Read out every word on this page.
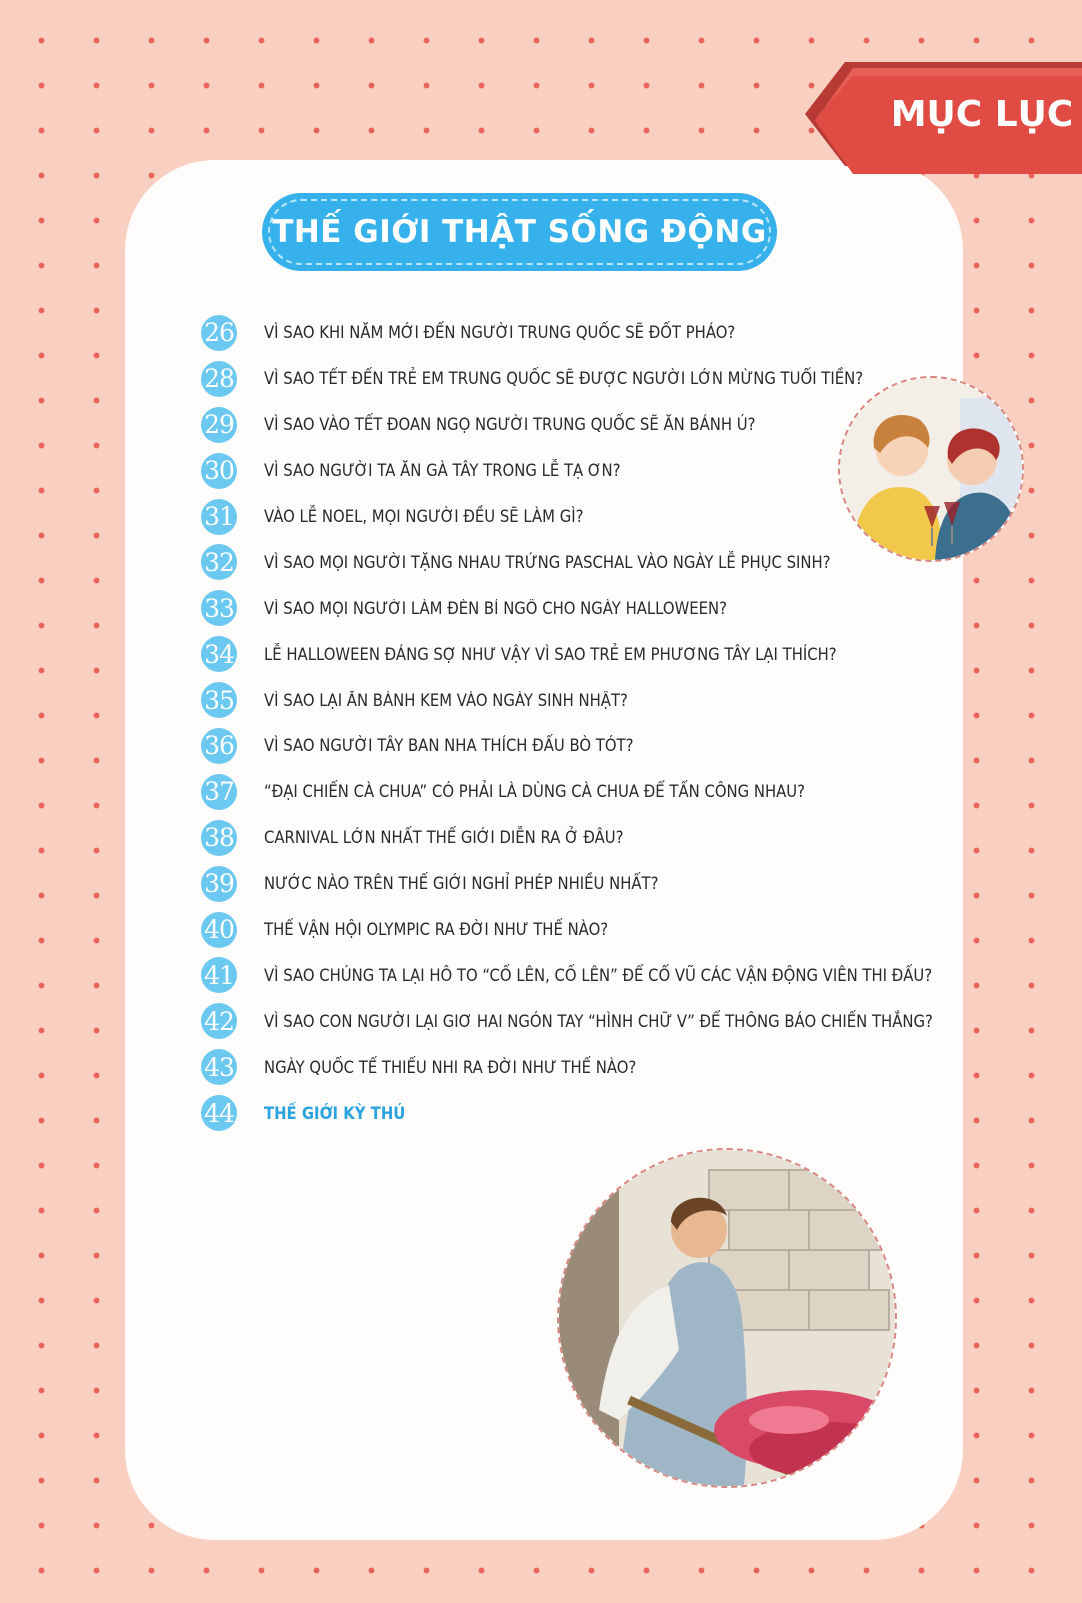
MỤC LỤC
THẾ GIỚI THẬT SỐNG ĐỘNG
26 VÌ SAO KHI NĂM MỚI ĐẾN NGƯỜI TRUNG QUỐC SẼ ĐỐT PHÁO?
28 VÌ SAO TẾT ĐẾN TRẺ EM TRUNG QUỐC SẼ ĐƯỢC NGƯỜI LỚN MỪNG TUỔI TIỀN?
29 VÌ SAO VÀO TẾT ĐOAN NGỌ NGƯỜI TRUNG QUỐC SẼ ĂN BÁNH Ú?
30 VÌ SAO NGƯỜI TA ĂN GÀ TÂY TRONG LỄ TẠ ƠN?
31 VÀO LỄ NOEL, MỌI NGƯỜI ĐỀU SẼ LÀM GÌ?
32 VÌ SAO MỌI NGƯỜI TẶNG NHAU TRỨNG PASCHAL VÀO NGÀY LỄ PHỤC SINH?
33 VÌ SAO MỌI NGƯỜI LÀM ĐÈN BÍ NGÔ CHO NGÀY HALLOWEEN?
34 LỄ HALLOWEEN ĐÁNG SỢ NHƯ VẬY VÌ SAO TRẺ EM PHƯƠNG TÂY LẠI THÍCH?
35 VÌ SAO LẠI ĂN BÁNH KEM VÀO NGÀY SINH NHẬT?
36 VÌ SAO NGƯỜI TÂY BAN NHA THÍCH ĐẤU BÒ TÓT?
37 “ĐẠI CHIẾN CÀ CHUA” CÓ PHẢI LÀ DÙNG CÀ CHUA ĐỂ TẤN CÔNG NHAU?
38 CARNIVAL LỚN NHẤT THẾ GIỚI DIỄN RA Ở ĐÂU?
39 NƯỚC NÀO TRÊN THẾ GIỚI NGHỈ PHÉP NHIỀU NHẤT?
40 THẾ VẬN HỘI OLYMPIC RA ĐỜI NHƯ THẾ NÀO?
41 VÌ SAO CHÚNG TA LẠI HÔ TO “CỐ LÊN, CỐ LÊN” ĐỂ CỔ VŨ CÁC VẬN ĐỘNG VIÊN THI ĐẤU?
42 VÌ SAO CON NGƯỜI LẠI GIƠ HAI NGÓN TAY “HÌNH CHỮ V” ĐỂ THÔNG BÁO CHIẾN THẮNG?
43 NGÀY QUỐC TẾ THIẾU NHI RA ĐỜI NHƯ THẾ NÀO?
44 THẾ GIỚI KỲ THÚ
